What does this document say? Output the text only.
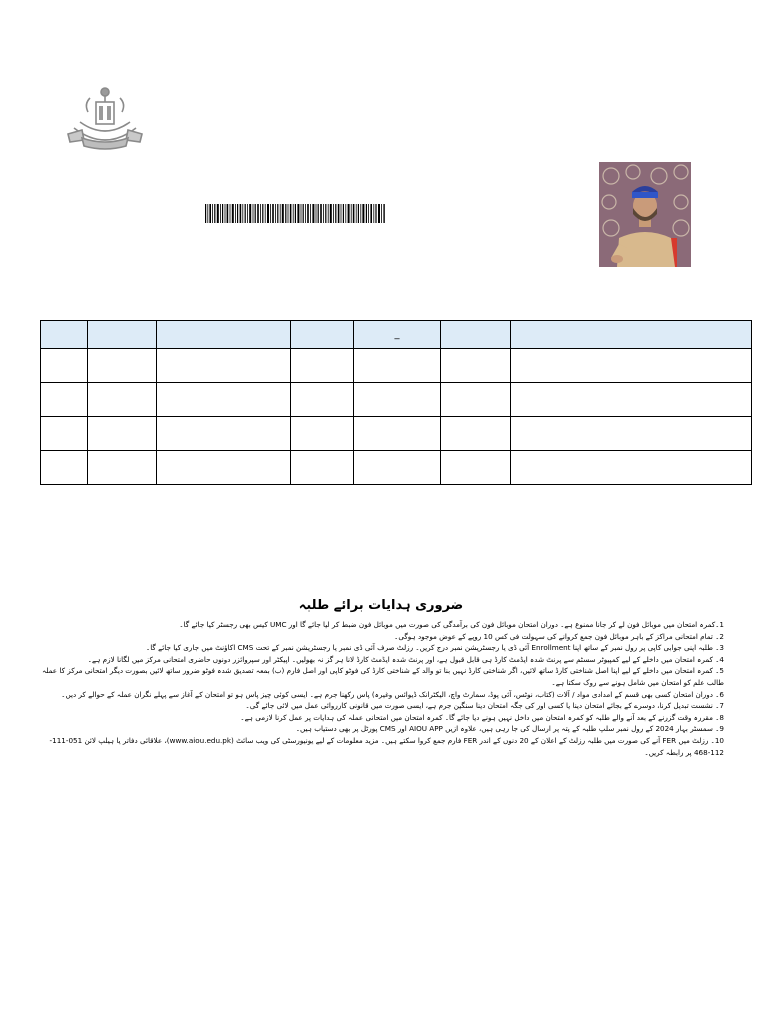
				_		

ضروری ہدایات برائے طلبہ
1۔کمرہ امتحان میں موبائل فون لے کر جانا ممنوع ہے۔ دوران امتحان موبائل فون کی برآمدگی کی صورت میں موبائل فون ضبط کر لیا جائے گا اور UMC کیس بھی رجسٹر کیا جائے گا۔
2۔ تمام امتحانی مراکز کے باہر موبائل فون جمع کروانے کی سہولت فی کس 10 روپے کے عوض موجود ہوگی۔
3۔ طلبہ اپنی جوابی کاپی پر رول نمبر کے ساتھ اپنا Enrollment آئی ڈی یا رجسٹریشن نمبر درج کریں۔ رزلٹ صرف آئی ڈی نمبر یا رجسٹریشن نمبر کے تحت CMS اکاؤنٹ میں جاری کیا جائے گا۔
4۔ کمرہ امتحان میں داخلے کے لیے کمپیوٹر سسٹم سے پرنٹ شدہ ایڈمٹ کارڈ ہی قابل قبول ہے، اور پرنٹ شدہ ایڈمٹ کارڈ لانا ہر گز نہ بھولیں۔ اپیکٹر اور سپروائزر دونوں حاضری امتحانی مرکز میں لگانا لازم ہے۔
5۔ کمرہ امتحان میں داخلے کے لیے اپنا اصل شناختی کارڈ ساتھ لائیں، اگر شناختی کارڈ نہیں بنا تو والد کے شناختی کارڈ کی فوٹو کاپی اور اصل فارم (ب) بمعہ تصدیق شدہ فوٹو ضرور ساتھ لائیں بصورت دیگر امتحانی مرکز کا عملہ طالب علم کو امتحان میں شامل ہونے سے روک سکتا ہے۔
6۔ دوران امتحان کسی بھی قسم کے امدادی مواد / آلات (کتاب، نوٹس، آئی پوڈ، سمارٹ واچ، الیکٹرانک ڈیوائس وغیرہ) پاس رکھنا جرم ہے۔ ایسی کوئی چیز پاس ہو تو امتحان کے آغاز سے پہلے نگران عملہ کے حوالے کر دیں۔
7۔ نشست تبدیل کرنا، دوسرے کے بجائے امتحان دینا یا کسی اور کی جگہ امتحان دینا سنگین جرم ہے، ایسی صورت میں قانونی کارروائی عمل میں لائی جائے گی۔
8۔ مقررہ وقت گزرنے کے بعد آنے والے طلبہ کو کمرہ امتحان میں داخل نہیں ہونے دیا جائے گا۔ کمرہ امتحان میں امتحانی عملہ کی ہدایات پر عمل کرنا لازمی ہے۔
9۔ سمسٹر بہار 2024 کے رول نمبر سلپ طلبہ کے پتہ پر ارسال کی جا رہی ہیں، علاوہ ازیں AIOU APP اور CMS پورٹل پر بھی دستیاب ہیں۔
10۔ رزلٹ میں FER آنے کی صورت میں طلبہ رزلٹ کے اعلان کے 20 دنوں کے اندر FER فارم جمع کروا سکتے ہیں۔ مزید معلومات کے لیے یونیورسٹی کی ویب سائٹ (www.aiou.edu.pk)، علاقائی دفاتر یا ہیلپ لائن 051-111-112-468 پر رابطہ کریں۔
